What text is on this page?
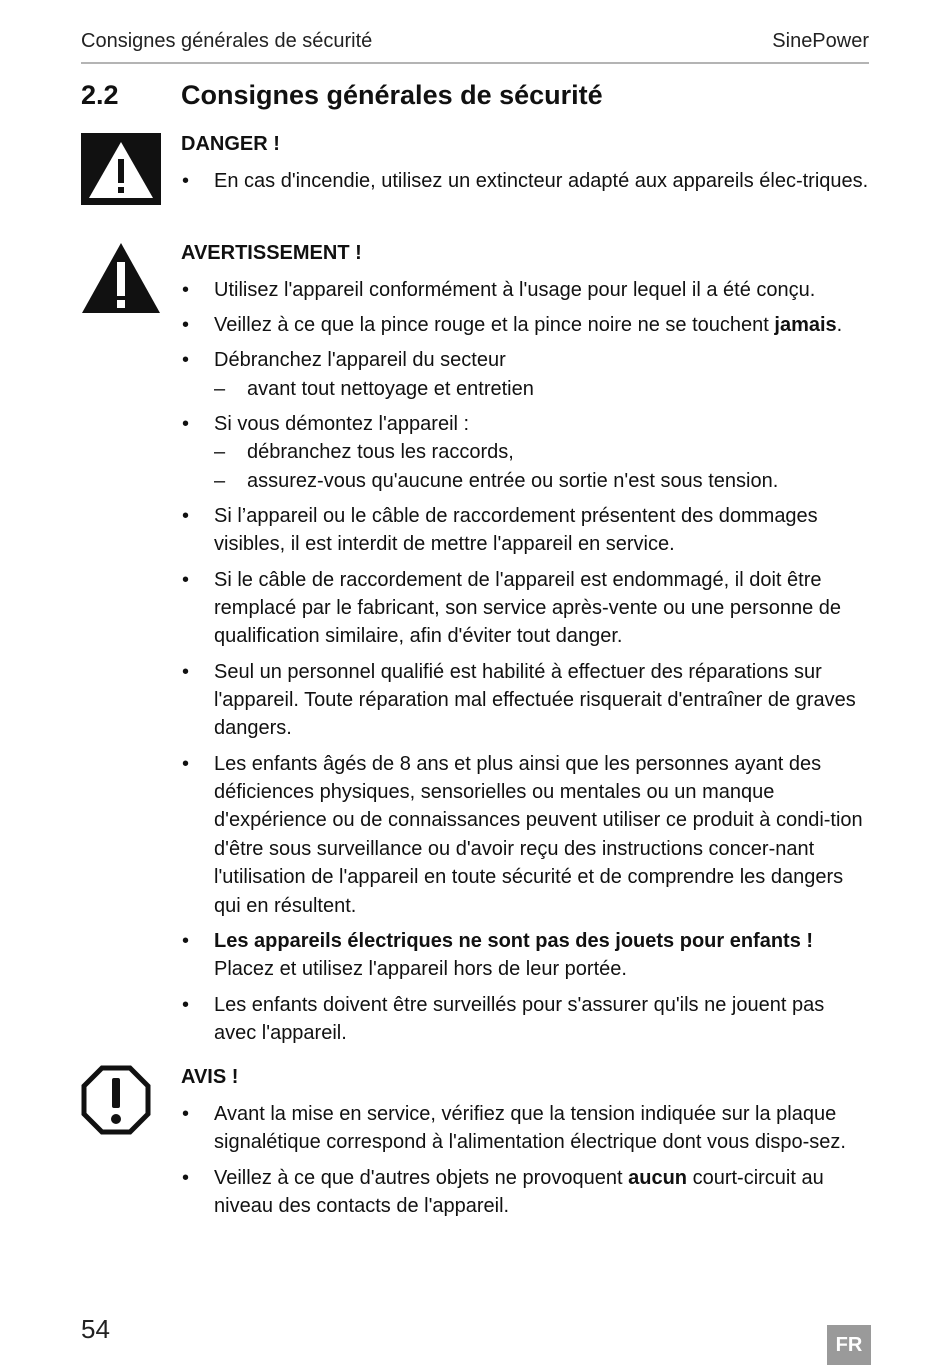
Consignes générales de sécurité	SinePower
2.2 Consignes générales de sécurité
DANGER !
• En cas d'incendie, utilisez un extincteur adapté aux appareils élec-triques.
AVERTISSEMENT !
• Utilisez l'appareil conformément à l'usage pour lequel il a été conçu.
• Veillez à ce que la pince rouge et la pince noire ne se touchent jamais.
• Débranchez l'appareil du secteur
– avant tout nettoyage et entretien
• Si vous démontez l'appareil :
– débranchez tous les raccords,
– assurez-vous qu'aucune entrée ou sortie n'est sous tension.
• Si l’appareil ou le câble de raccordement présentent des dommages visibles, il est interdit de mettre l'appareil en service.
• Si le câble de raccordement de l'appareil est endommagé, il doit être remplacé par le fabricant, son service après-vente ou une personne de qualification similaire, afin d'éviter tout danger.
• Seul un personnel qualifié est habilité à effectuer des réparations sur l'appareil. Toute réparation mal effectuée risquerait d'entraîner de graves dangers.
• Les enfants âgés de 8 ans et plus ainsi que les personnes ayant des déficiences physiques, sensorielles ou mentales ou un manque d'expérience ou de connaissances peuvent utiliser ce produit à condi-tion d'être sous surveillance ou d'avoir reçu des instructions concer-nant l'utilisation de l'appareil en toute sécurité et de comprendre les dangers qui en résultent.
• Les appareils électriques ne sont pas des jouets pour enfants !
Placez et utilisez l'appareil hors de leur portée.
• Les enfants doivent être surveillés pour s'assurer qu'ils ne jouent pas avec l'appareil.
AVIS !
• Avant la mise en service, vérifiez que la tension indiquée sur la plaque signalétique correspond à l'alimentation électrique dont vous dispo-sez.
• Veillez à ce que d'autres objets ne provoquent aucun court-circuit au niveau des contacts de l'appareil.
54
FR
